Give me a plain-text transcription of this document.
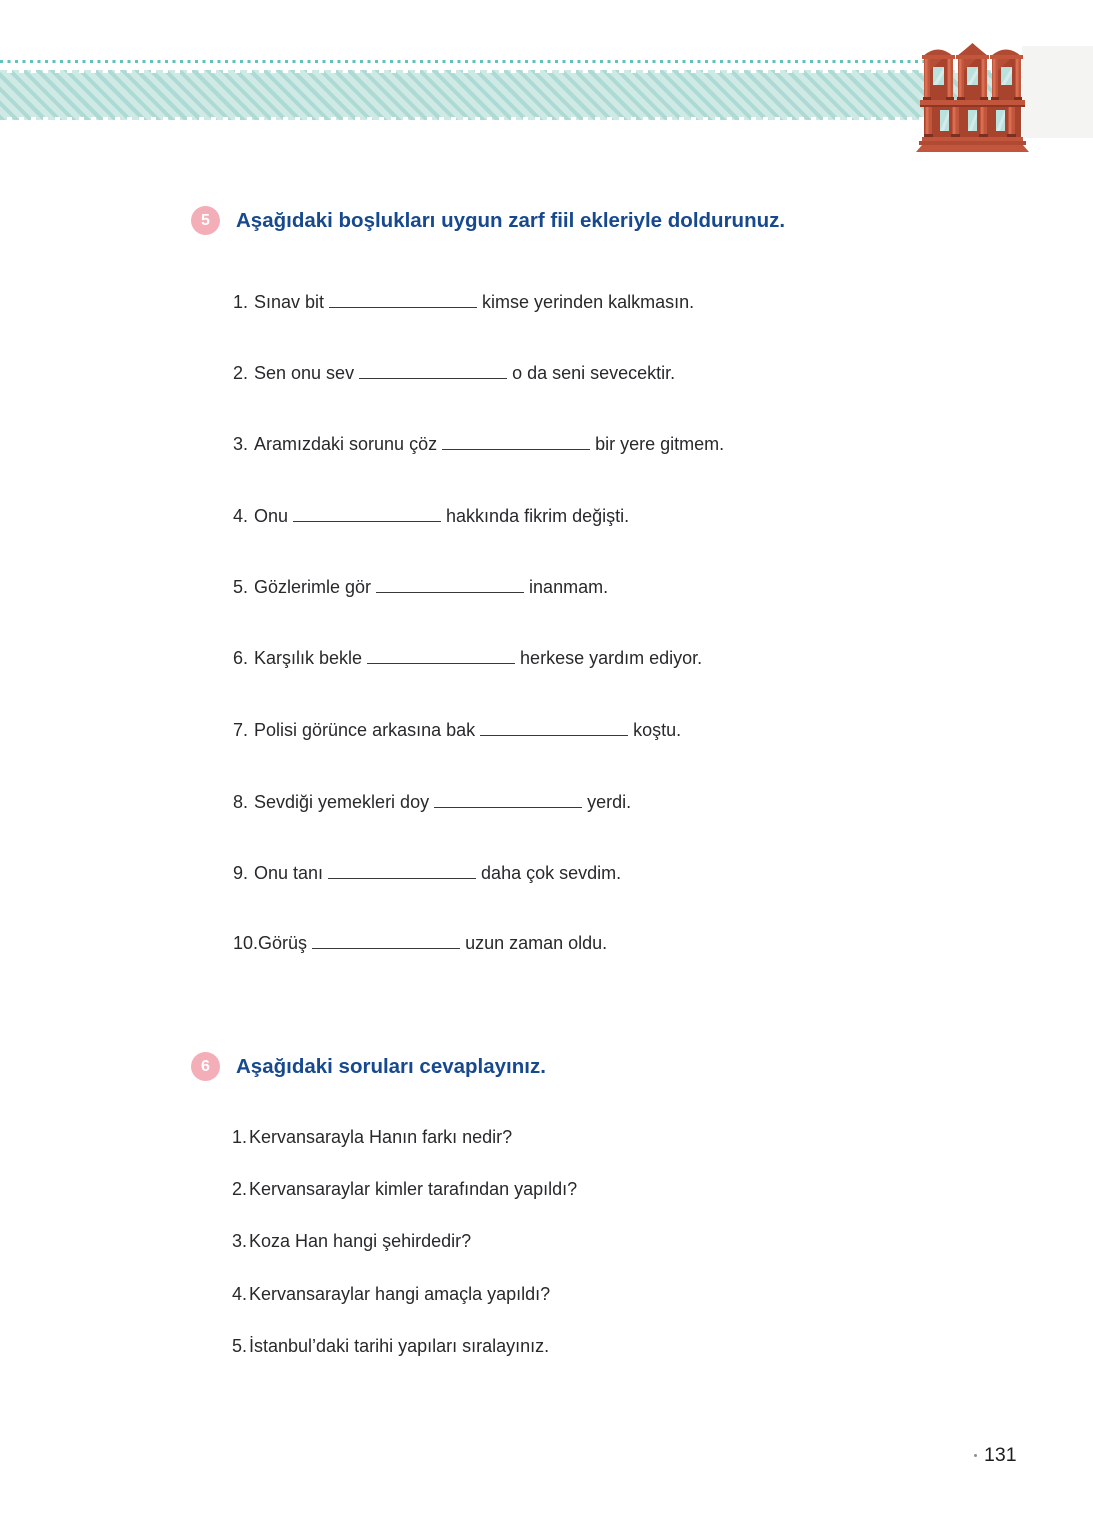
5	Aşağıdaki boşlukları uygun zarf fiil ekleriyle doldurunuz.
1. Sınav bit	kimse yerinden kalkmasın.
2. Sen onu sev	o da seni sevecektir.
3. Aramızdaki sorunu çöz	bir yere gitmem.
4. Onu	hakkında fikrim değişti.
5. Gözlerimle gör	inanmam.
6. Karşılık bekle	herkese yardım ediyor.
7. Polisi görünce arkasına bak	koştu.
8. Sevdiği yemekleri doy	yerdi.
9. Onu tanı	daha çok sevdim.
10.Görüş	uzun zaman oldu.
6	Aşağıdaki soruları cevaplayınız.
1. Kervansarayla Hanın farkı nedir?
2. Kervansaraylar kimler tarafından yapıldı?
3. Koza Han hangi şehirdedir?
4. Kervansaraylar hangi amaçla yapıldı?
5. İstanbul’daki tarihi yapıları sıralayınız.
131
